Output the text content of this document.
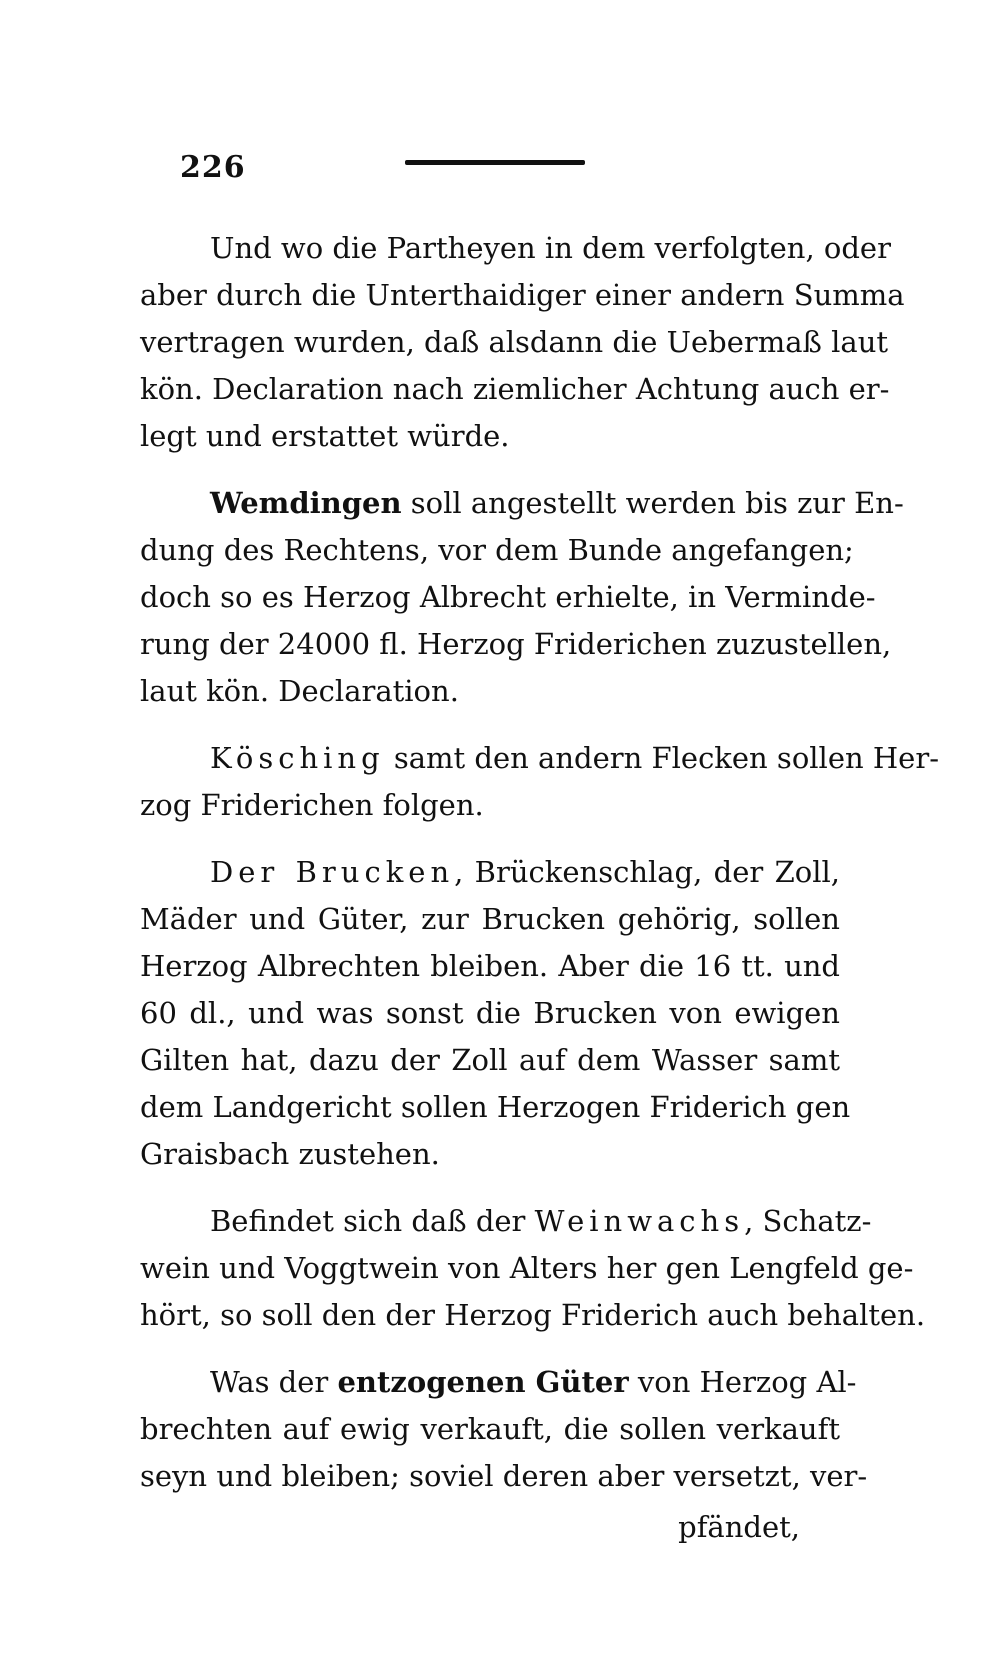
226
Und wo die Partheyen in dem verfolgten, oder
aber durch die Unterthaidiger einer andern Summa
vertragen wurden, daß alsdann die Uebermaß laut
kön. Declaration nach ziemlicher Achtung auch er-
legt und erstattet würde.
Wemdingen soll angestellt werden bis zur En-
dung des Rechtens, vor dem Bunde angefangen;
doch so es Herzog Albrecht erhielte, in Verminde-
rung der 24000 fl. Herzog Friderichen zuzustellen,
laut kön. Declaration.
Kösching samt den andern Flecken sollen Her-
zog Friderichen folgen.
Der Brucken, Brückenschlag, der Zoll,
Mäder und Güter, zur Brucken gehörig, sollen
Herzog Albrechten bleiben. Aber die 16 tt. und
60 dl., und was sonst die Brucken von ewigen
Gilten hat, dazu der Zoll auf dem Wasser samt
dem Landgericht sollen Herzogen Friderich gen
Graisbach zustehen.
Befindet sich daß der Weinwachs, Schatz-
wein und Voggtwein von Alters her gen Lengfeld ge-
hört, so soll den der Herzog Friderich auch behalten.
Was der entzogenen Güter von Herzog Al-
brechten auf ewig verkauft, die sollen verkauft
seyn und bleiben; soviel deren aber versetzt, ver-
pfändet,
